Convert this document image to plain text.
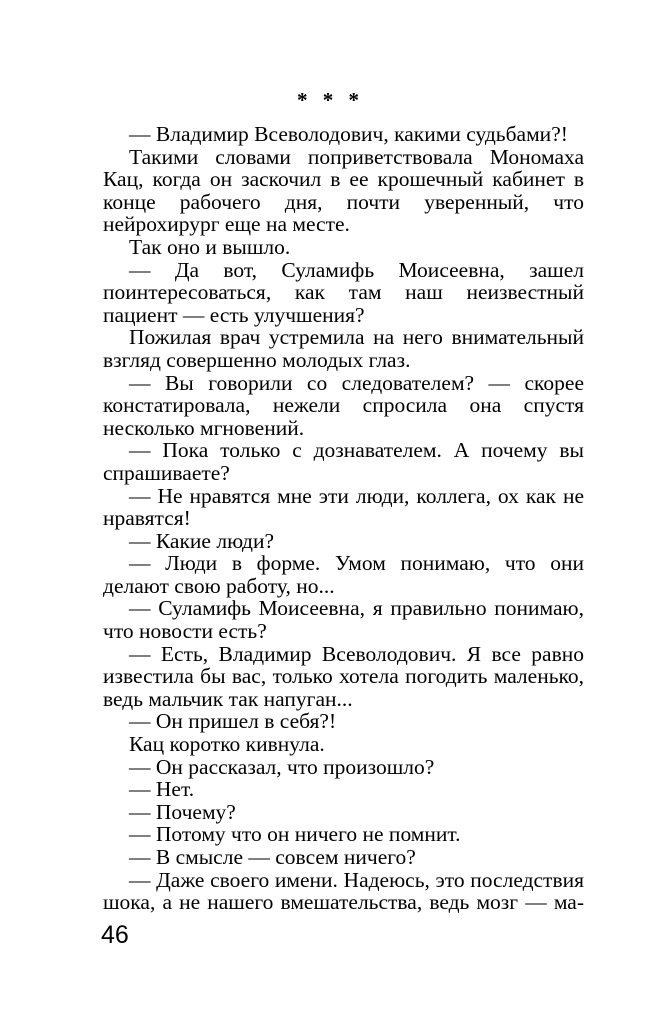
* * *

— Владимир Всеволодович, какими судьбами?!

Такими словами поприветствовала Мономаха Кац, когда он заскочил в ее крошечный кабинет в конце рабочего дня, почти уверенный, что нейрохирург еще на месте.

Так оно и вышло.

— Да вот, Суламифь Моисеевна, зашел поинтересоваться, как там наш неизвестный пациент — есть улучшения?

Пожилая врач устремила на него внимательный взгляд совершенно молодых глаз.

— Вы говорили со следователем? — скорее констатировала, нежели спросила она спустя несколько мгновений.

— Пока только с дознавателем. А почему вы спрашиваете?

— Не нравятся мне эти люди, коллега, ох как не нравятся!

— Какие люди?

— Люди в форме. Умом понимаю, что они делают свою работу, но...

— Суламифь Моисеевна, я правильно понимаю, что новости есть?

— Есть, Владимир Всеволодович. Я все равно известила бы вас, только хотела погодить маленько, ведь мальчик так напуган...

— Он пришел в себя?!

Кац коротко кивнула.

— Он рассказал, что произошло?

— Нет.

— Почему?

— Потому что он ничего не помнит.

— В смысле — совсем ничего?

— Даже своего имени. Надеюсь, это последствия шока, а не нашего вмешательства, ведь мозг — ма-

46
